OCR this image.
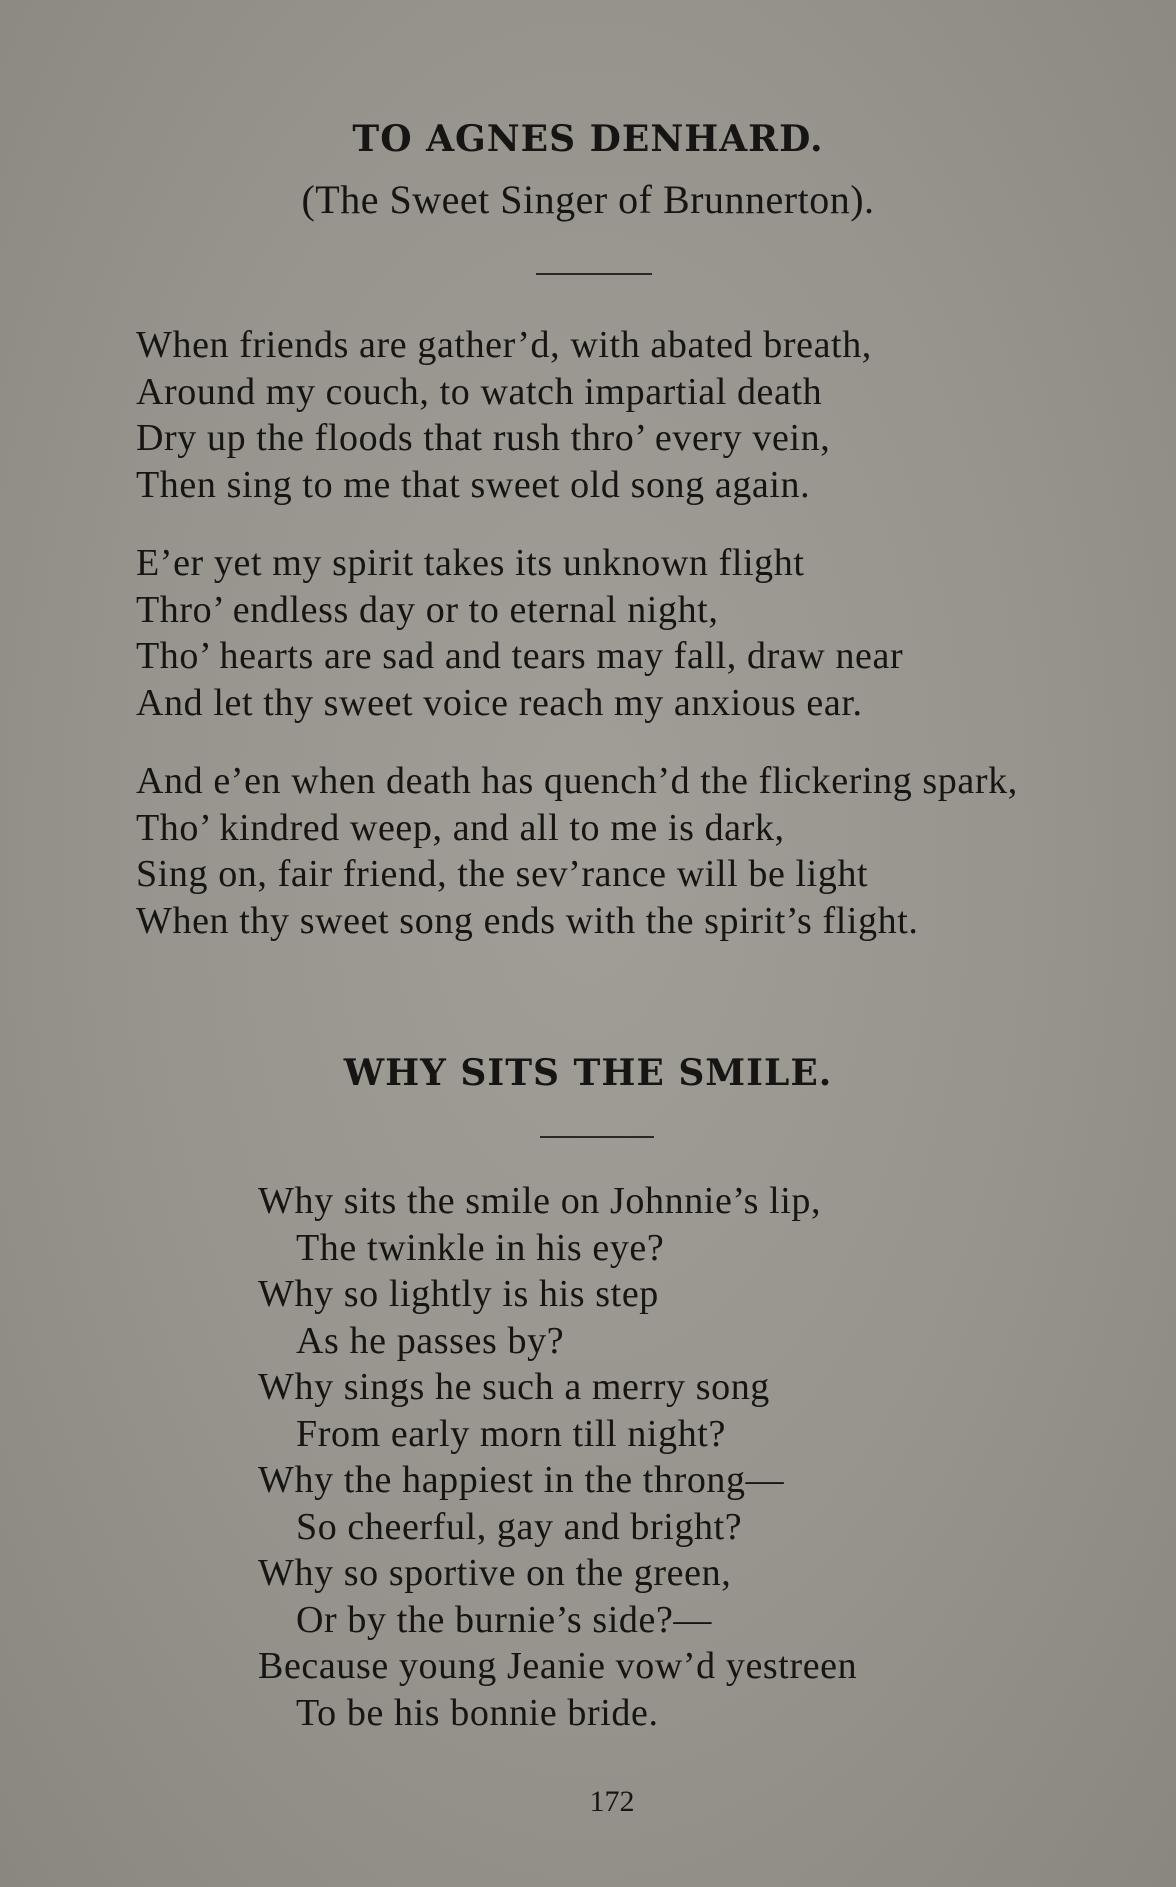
TO AGNES DENHARD.
(The Sweet Singer of Brunnerton).
When friends are gather’d, with abated breath,
Around my couch, to watch impartial death
Dry up the floods that rush thro’ every vein,
Then sing to me that sweet old song again.
E’er yet my spirit takes its unknown flight
Thro’ endless day or to eternal night,
Tho’ hearts are sad and tears may fall, draw near
And let thy sweet voice reach my anxious ear.
And e’en when death has quench’d the flickering spark,
Tho’ kindred weep, and all to me is dark,
Sing on, fair friend, the sev’rance will be light
When thy sweet song ends with the spirit’s flight.
WHY SITS THE SMILE.
Why sits the smile on Johnnie’s lip,
The twinkle in his eye?
Why so lightly is his step
As he passes by?
Why sings he such a merry song
From early morn till night?
Why the happiest in the throng—
So cheerful, gay and bright?
Why so sportive on the green,
Or by the burnie’s side?—
Because young Jeanie vow’d yestreen
To be his bonnie bride.
172
